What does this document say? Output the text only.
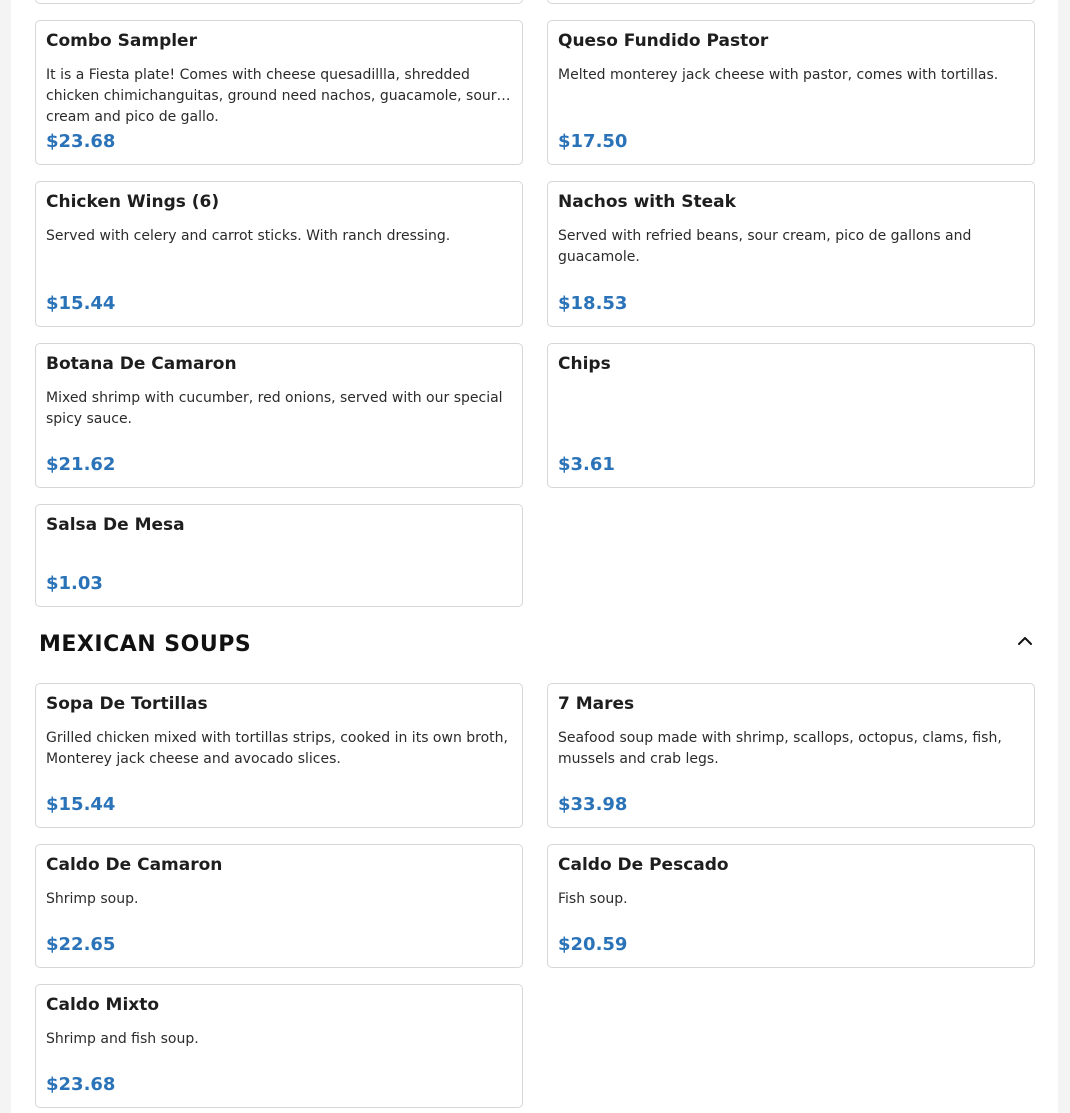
Combo Sampler
It is a Fiesta plate! Comes with cheese quesadillla, shredded chicken chimichanguitas, ground need nachos, guacamole, sour cream and pico de gallo.
$23.68
Queso Fundido Pastor
Melted monterey jack cheese with pastor, comes with tortillas.
$17.50
Chicken Wings (6)
Served with celery and carrot sticks. With ranch dressing.
$15.44
Nachos with Steak
Served with refried beans, sour cream, pico de gallons and guacamole.
$18.53
Botana De Camaron
Mixed shrimp with cucumber, red onions, served with our special spicy sauce.
$21.62
Chips
$3.61
Salsa De Mesa
$1.03
MEXICAN SOUPS
Sopa De Tortillas
Grilled chicken mixed with tortillas strips, cooked in its own broth, Monterey jack cheese and avocado slices.
$15.44
7 Mares
Seafood soup made with shrimp, scallops, octopus, clams, fish, mussels and crab legs.
$33.98
Caldo De Camaron
Shrimp soup.
$22.65
Caldo De Pescado
Fish soup.
$20.59
Caldo Mixto
Shrimp and fish soup.
$23.68
